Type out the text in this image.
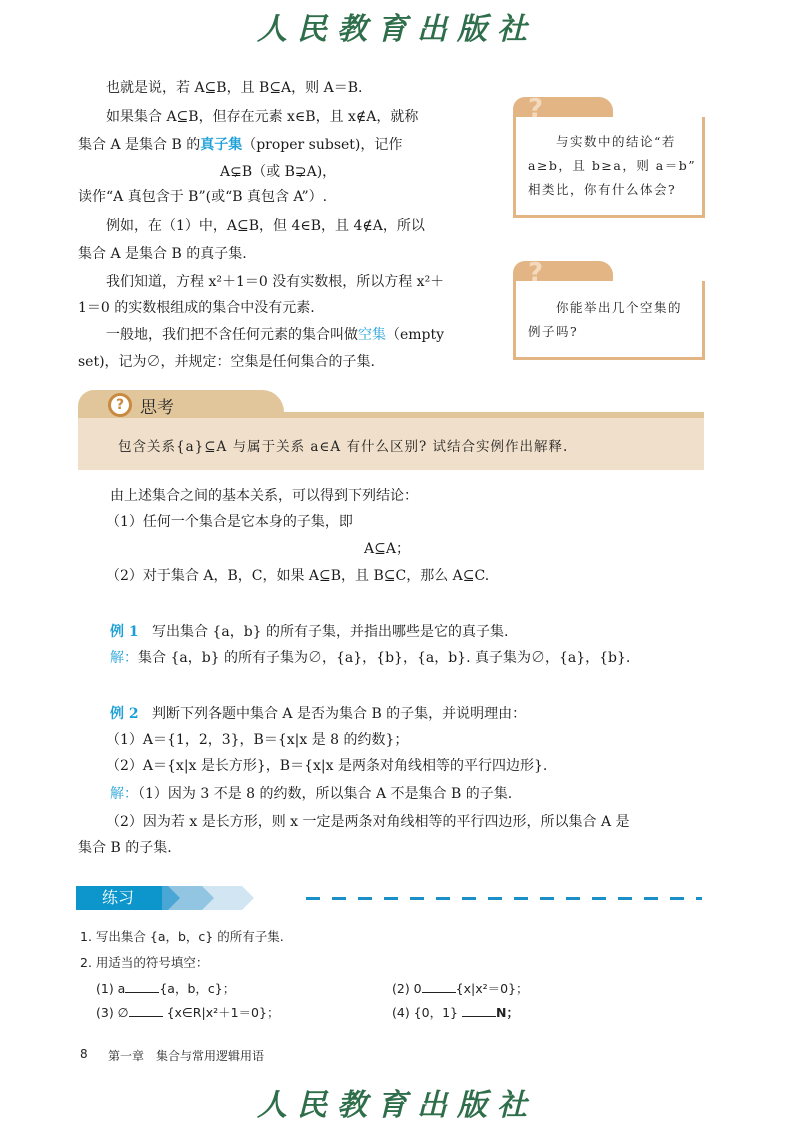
人民教育出版社
也就是说，若 A⊆B，且 B⊆A，则 A＝B.
如果集合 A⊆B，但存在元素 x∈B，且 x∉A，就称
集合 A 是集合 B 的真子集（proper subset)，记作
A⊊B（或 B⊋A)，
读作“A 真包含于 B”(或“B 真包含 A”）.
例如，在（1）中，A⊆B，但 4∈B，且 4∉A，所以
集合 A 是集合 B 的真子集.
我们知道，方程 x²＋1＝0 没有实数根，所以方程 x²＋
1＝0 的实数根组成的集合中没有元素.
一般地，我们把不含任何元素的集合叫做空集（empty
set)，记为∅，并规定：空集是任何集合的子集.
?
与实数中的结论“若
a≥b，且 b≥a，则 a＝b”
相类比，你有什么体会?
?
你能举出几个空集的
例子吗?
? 思考
包含关系{a}⊆A 与属于关系 a∈A 有什么区别? 试结合实例作出解释.
由上述集合之间的基本关系，可以得到下列结论：
（1）任何一个集合是它本身的子集，即
A⊆A；
（2）对于集合 A，B，C，如果 A⊆B，且 B⊆C，那么 A⊆C.
例 1 写出集合 {a，b} 的所有子集，并指出哪些是它的真子集.
解：集合 {a，b} 的所有子集为∅，{a}，{b}，{a，b}. 真子集为∅，{a}，{b}.
例 2 判断下列各题中集合 A 是否为集合 B 的子集，并说明理由：
（1）A＝{1，2，3}，B＝{x|x 是 8 的约数}；
（2）A＝{x|x 是长方形}，B＝{x|x 是两条对角线相等的平行四边形}.
解：（1）因为 3 不是 8 的约数，所以集合 A 不是集合 B 的子集.
（2）因为若 x 是长方形，则 x 一定是两条对角线相等的平行四边形，所以集合 A 是
集合 B 的子集.
练习
1. 写出集合 {a，b，c} 的所有子集.
2. 用适当的符号填空：
(1) a	{a，b，c}；	(2) 0	{x|x²＝0}；
(3) ∅	{x∈R|x²＋1＝0}；	(4) {0，1}	N；
8 第一章 集合与常用逻辑用语
人民教育出版社
